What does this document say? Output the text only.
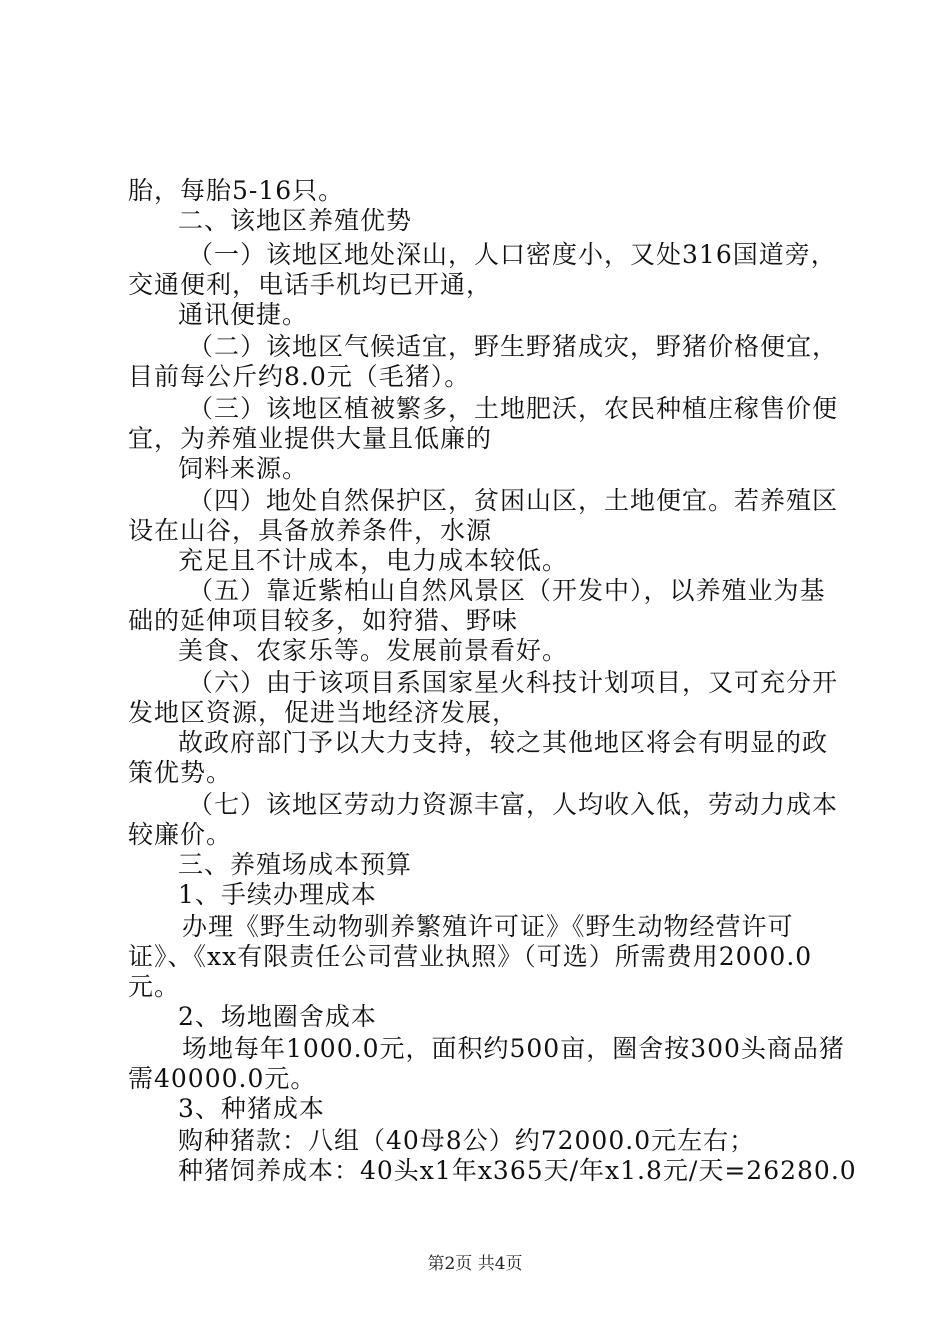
胎，每胎5-16只。
二、该地区养殖优势
（一）该地区地处深山，人口密度小，又处316国道旁，
交通便利，电话手机均已开通，
通讯便捷。
（二）该地区气候适宜，野生野猪成灾，野猪价格便宜，
目前每公斤约8.0元（毛猪）。
（三）该地区植被繁多，土地肥沃，农民种植庄稼售价便
宜，为养殖业提供大量且低廉的
饲料来源。
（四）地处自然保护区，贫困山区，土地便宜。若养殖区
设在山谷，具备放养条件，水源
充足且不计成本，电力成本较低。
（五）靠近紫柏山自然风景区（开发中），以养殖业为基
础的延伸项目较多，如狩猎、野味
美食、农家乐等。发展前景看好。
（六）由于该项目系国家星火科技计划项目，又可充分开
发地区资源，促进当地经济发展，
故政府部门予以大力支持，较之其他地区将会有明显的政
策优势。
（七）该地区劳动力资源丰富，人均收入低，劳动力成本
较廉价。
三、养殖场成本预算
1、手续办理成本
办理《野生动物驯养繁殖许可证》《野生动物经营许可
证》、《xx有限责任公司营业执照》（可选）所需费用2000.0
元。
2、场地圈舍成本
场地每年1000.0元，面积约500亩，圈舍按300头商品猪
需40000.0元。
3、种猪成本
购种猪款：八组（40母8公）约72000.0元左右；
种猪饲养成本：40头x1年x365天/年x1.8元/天=26280.0
第2页 共4页
